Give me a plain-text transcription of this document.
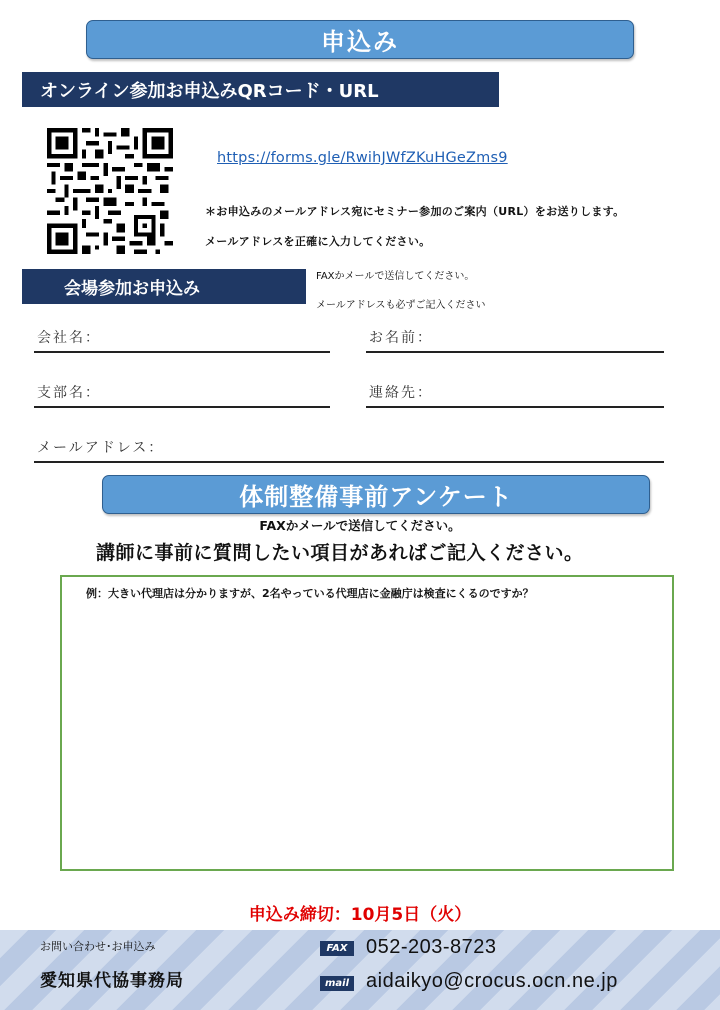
申込み
オンライン参加お申込みQRコード・URL
https://forms.gle/RwihJWfZKuHGeZms9
＊お申込みのメールアドレス宛にセミナー参加のご案内（URL）をお送りします。
メールアドレスを正確に入力してください。
会場参加お申込み
FAXかメールで送信してください。
メールアドレスも必ずご記入ください
会社名：	お名前：
支部名：	連絡先：
メールアドレス：
体制整備事前アンケート
FAXかメールで送信してください。
講師に事前に質問したい項目があればご記入ください。
例：大きい代理店は分かりますが、2名やっている代理店に金融庁は検査にくるのですか？
申込み締切：10月5日（火）
お問い合わせ･お申込み
愛知県代協事務局
FAX 052-203-8723
mail aidaikyo@crocus.ocn.ne.jp
